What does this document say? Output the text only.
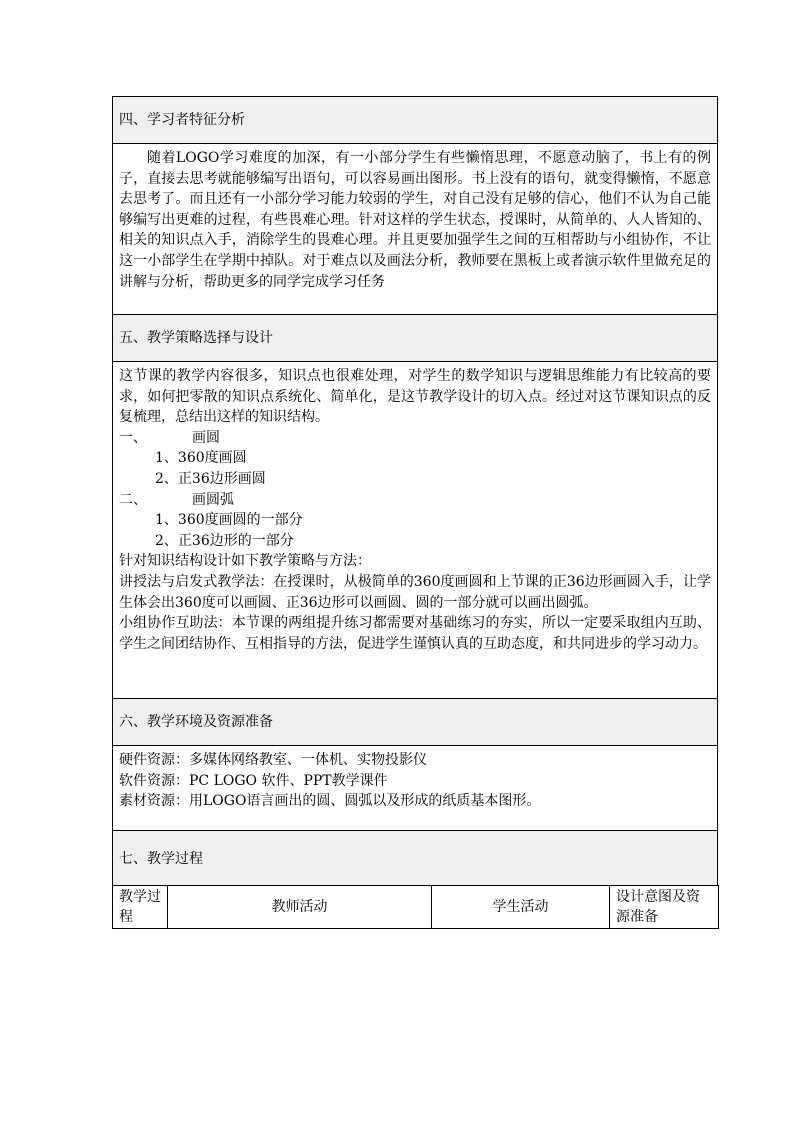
四、学习者特征分析

随着LOGO学习难度的加深，有一小部分学生有些懒惰思理，不愿意动脑了，书上有的例子，直接去思考就能够编写出语句，可以容易画出图形。书上没有的语句，就变得懒惰，不愿意去思考了。而且还有一小部分学习能力较弱的学生，对自己没有足够的信心，他们不认为自己能够编写出更难的过程，有些畏难心理。针对这样的学生状态，授课时，从简单的、人人皆知的、相关的知识点入手，消除学生的畏难心理。并且更要加强学生之间的互相帮助与小组协作，不让这一小部学生在学期中掉队。对于难点以及画法分析，教师要在黑板上或者演示软件里做充足的讲解与分析，帮助更多的同学完成学习任务

五、教学策略选择与设计

这节课的教学内容很多，知识点也很难处理，对学生的数学知识与逻辑思维能力有比较高的要求，如何把零散的知识点系统化、简单化，是这节教学设计的切入点。经过对这节课知识点的反复梳理，总结出这样的知识结构。

一、	画圆

1、360度画圆

2、正36边形画圆

二、	画圆弧

1、360度画圆的一部分

2、正36边形的一部分

针对知识结构设计如下教学策略与方法：

讲授法与启发式教学法：在授课时，从极简单的360度画圆和上节课的正36边形画圆入手，让学生体会出360度可以画圆、正36边形可以画圆、圆的一部分就可以画出圆弧。

小组协作互助法：本节课的两组提升练习都需要对基础练习的夯实，所以一定要采取组内互助、学生之间团结协作、互相指导的方法，促进学生谨慎认真的互助态度，和共同进步的学习动力。

六、教学环境及资源准备

硬件资源：多媒体网络教室、一体机、实物投影仪

软件资源：PC LOGO 软件、PPT教学课件

素材资源：用LOGO语言画出的圆、圆弧以及形成的纸质基本图形。

七、教学过程
教学过程	教师活动	学生活动	设计意图及资源准备
